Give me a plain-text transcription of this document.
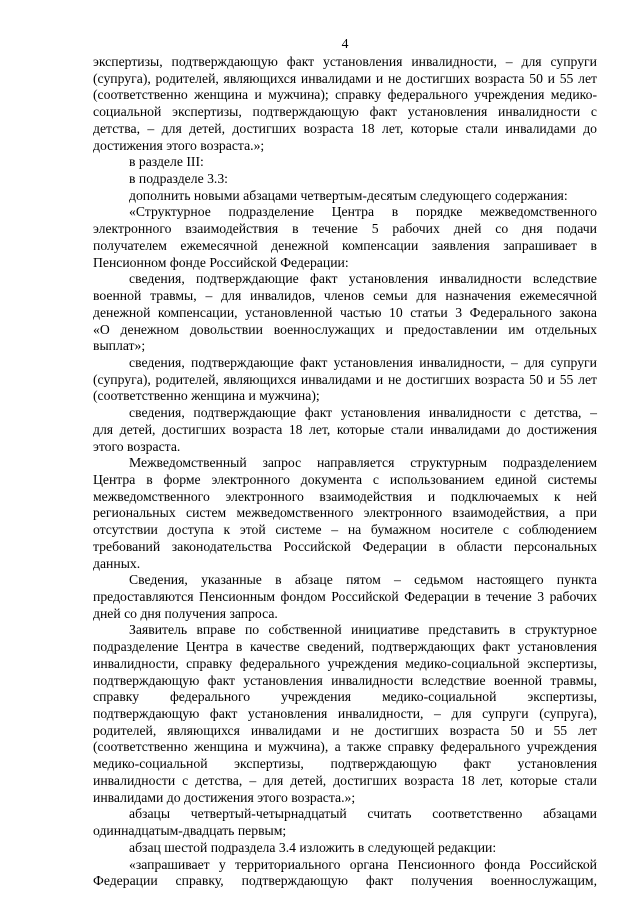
4
экспертизы, подтверждающую факт установления инвалидности, – для супруги
(супруга), родителей, являющихся инвалидами и не достигших возраста 50 и 55 лет
(соответственно женщина и мужчина); справку федерального учреждения медико-
социальной экспертизы, подтверждающую факт установления инвалидности с
детства, – для детей, достигших возраста 18 лет, которые стали инвалидами до
достижения этого возраста.»;
в разделе III:
в подразделе 3.3:
дополнить новыми абзацами четвертым-десятым следующего содержания:
«Структурное подразделение Центра в порядке межведомственного
электронного взаимодействия в течение 5 рабочих дней со дня подачи
получателем ежемесячной денежной компенсации заявления запрашивает в
Пенсионном фонде Российской Федерации:
сведения, подтверждающие факт установления инвалидности вследствие
военной травмы, – для инвалидов, членов семьи для назначения ежемесячной
денежной компенсации, установленной частью 10 статьи 3 Федерального закона
«О денежном довольствии военнослужащих и предоставлении им отдельных
выплат»;
сведения, подтверждающие факт установления инвалидности, – для супруги
(супруга), родителей, являющихся инвалидами и не достигших возраста 50 и 55 лет
(соответственно женщина и мужчина);
сведения, подтверждающие факт установления инвалидности с детства, –
для детей, достигших возраста 18 лет, которые стали инвалидами до достижения
этого возраста.
Межведомственный запрос направляется структурным подразделением
Центра в форме электронного документа с использованием единой системы
межведомственного электронного взаимодействия и подключаемых к ней
региональных систем межведомственного электронного взаимодействия, а при
отсутствии доступа к этой системе – на бумажном носителе с соблюдением
требований законодательства Российской Федерации в области персональных
данных.
Сведения, указанные в абзаце пятом – седьмом настоящего пункта
предоставляются Пенсионным фондом Российской Федерации в течение 3 рабочих
дней со дня получения запроса.
Заявитель вправе по собственной инициативе представить в структурное
подразделение Центра в качестве сведений, подтверждающих факт установления
инвалидности, справку федерального учреждения медико-социальной экспертизы,
подтверждающую факт установления инвалидности вследствие военной травмы,
справку федерального учреждения медико-социальной экспертизы,
подтверждающую факт установления инвалидности, – для супруги (супруга),
родителей, являющихся инвалидами и не достигших возраста 50 и 55 лет
(соответственно женщина и мужчина), а также справку федерального учреждения
медико-социальной экспертизы, подтверждающую факт установления
инвалидности с детства, – для детей, достигших возраста 18 лет, которые стали
инвалидами до достижения этого возраста.»;
абзацы четвертый-четырнадцатый считать соответственно абзацами
одиннадцатым-двадцать первым;
абзац шестой подраздела 3.4 изложить в следующей редакции:
«запрашивает у территориального органа Пенсионного фонда Российской
Федерации справку, подтверждающую факт получения военнослужащим,
